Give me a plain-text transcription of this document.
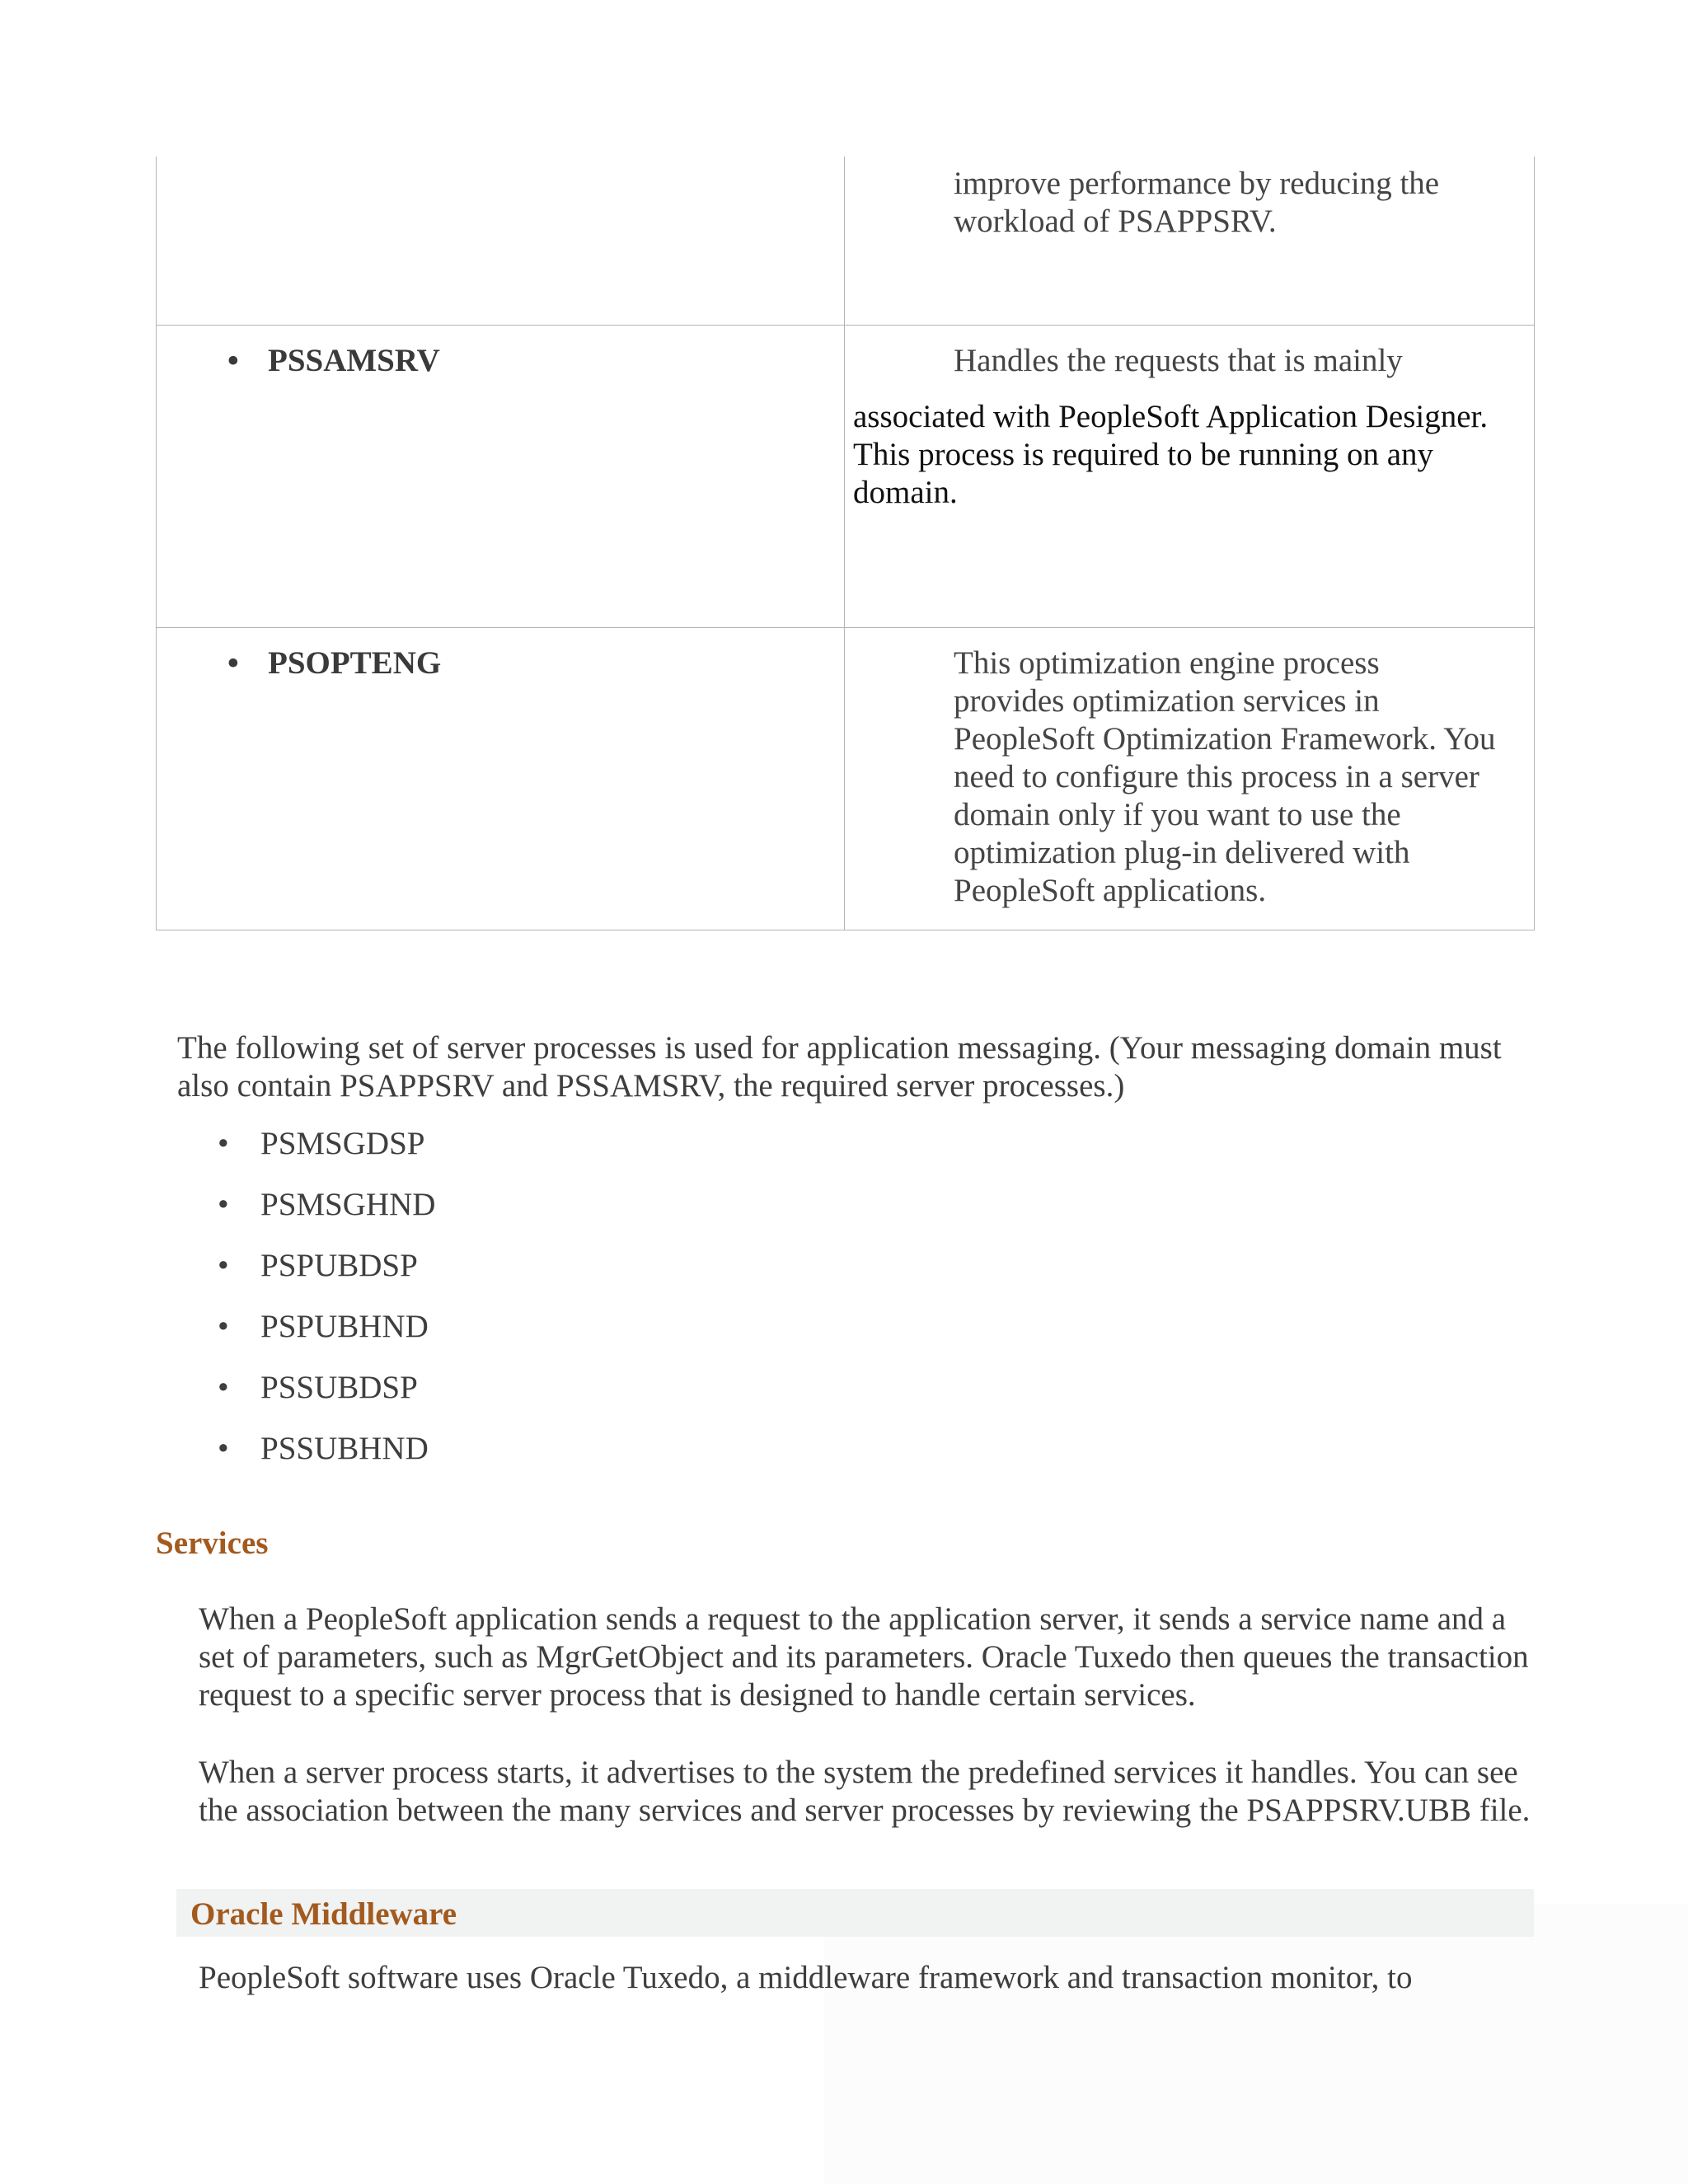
	improve performance by reducing the workload of PSAPPSRV.

• PSSAMSRV	Handles the requests that is mainly
associated with PeopleSoft Application Designer. This process is required to be running on any domain.

• PSOPTENG	This optimization engine process provides optimization services in PeopleSoft Optimization Framework. You need to configure this process in a server domain only if you want to use the optimization plug-in delivered with PeopleSoft applications.
The following set of server processes is used for application messaging. (Your messaging domain must also contain PSAPPSRV and PSSAMSRV, the required server processes.)
• PSMSGDSP
• PSMSGHND
• PSPUBDSP
• PSPUBHND
• PSSUBDSP
• PSSUBHND
Services
When a PeopleSoft application sends a request to the application server, it sends a service name and a set of parameters, such as MgrGetObject and its parameters. Oracle Tuxedo then queues the transaction request to a specific server process that is designed to handle certain services.
When a server process starts, it advertises to the system the predefined services it handles. You can see the association between the many services and server processes by reviewing the PSAPPSRV.UBB file.
Oracle Middleware
PeopleSoft software uses Oracle Tuxedo, a middleware framework and transaction monitor, to
